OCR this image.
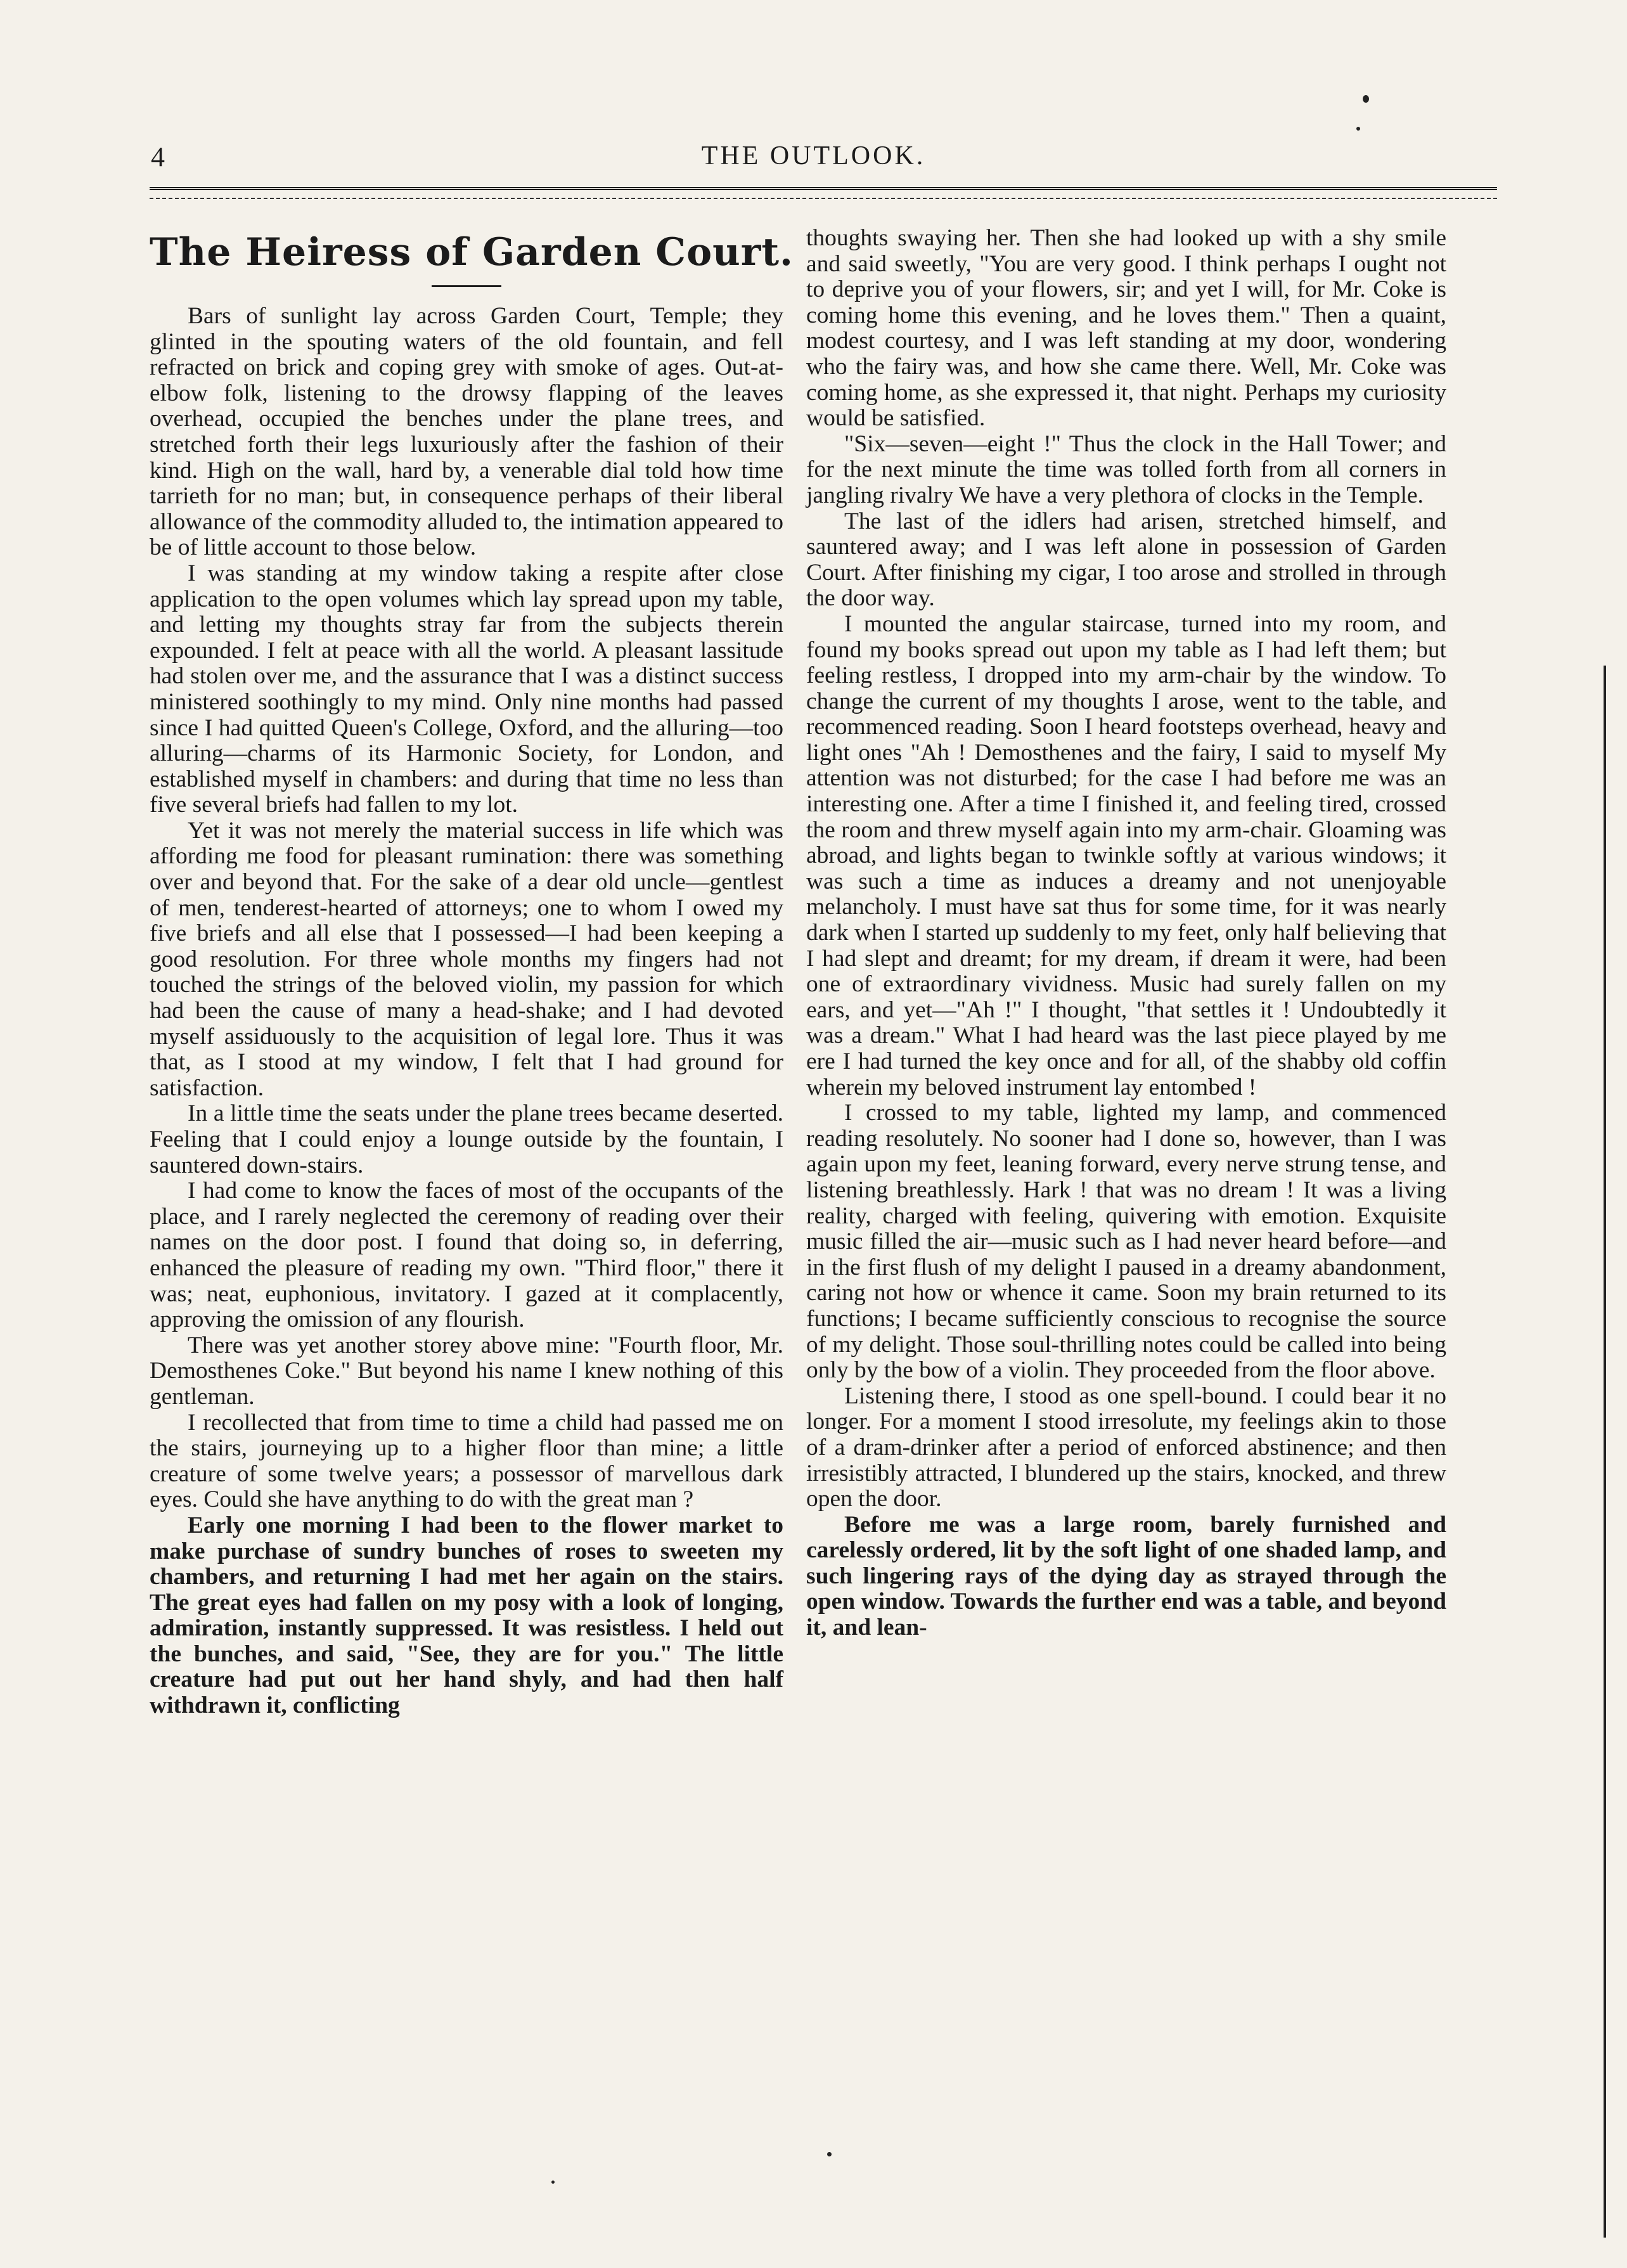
4	THE OUTLOOK.
The Heiress of Garden Court.

Bars of sunlight lay across Garden Court, Temple; they glinted in the spouting waters of the old fountain, and fell refracted on brick and coping grey with smoke of ages. Out-at-elbow folk, listening to the drowsy flapping of the leaves overhead, occupied the benches under the plane trees, and stretched forth their legs luxuriously after the fashion of their kind. High on the wall, hard by, a venerable dial told how time tarrieth for no man; but, in consequence perhaps of their liberal allowance of the commodity alluded to, the intimation appeared to be of little account to those below.

I was standing at my window taking a respite after close application to the open volumes which lay spread upon my table, and letting my thoughts stray far from the subjects therein expounded. I felt at peace with all the world. A pleasant lassitude had stolen over me, and the assurance that I was a distinct success ministered soothingly to my mind. Only nine months had passed since I had quitted Queen's College, Oxford, and the alluring—too alluring—charms of its Harmonic Society, for London, and established myself in chambers: and during that time no less than five several briefs had fallen to my lot.

Yet it was not merely the material success in life which was affording me food for pleasant rumination: there was something over and beyond that. For the sake of a dear old uncle—gentlest of men, tenderest-hearted of attorneys; one to whom I owed my five briefs and all else that I possessed—I had been keeping a good resolution. For three whole months my fingers had not touched the strings of the beloved violin, my passion for which had been the cause of many a head-shake; and I had devoted myself assiduously to the acquisition of legal lore. Thus it was that, as I stood at my window, I felt that I had ground for satisfaction.

In a little time the seats under the plane trees became deserted. Feeling that I could enjoy a lounge outside by the fountain, I sauntered down-stairs.

I had come to know the faces of most of the occupants of the place, and I rarely neglected the ceremony of reading over their names on the door post. I found that doing so, in deferring, enhanced the pleasure of reading my own. "Third floor," there it was; neat, euphonious, invitatory. I gazed at it complacently, approving the omission of any flourish.

There was yet another storey above mine: "Fourth floor, Mr. Demosthenes Coke." But beyond his name I knew nothing of this gentleman.

I recollected that from time to time a child had passed me on the stairs, journeying up to a higher floor than mine; a little creature of some twelve years; a possessor of marvellous dark eyes. Could she have anything to do with the great man ?

Early one morning I had been to the flower market to make purchase of sundry bunches of roses to sweeten my chambers, and returning I had met her again on the stairs. The great eyes had fallen on my posy with a look of longing, admiration, instantly suppressed. It was resistless. I held out the bunches, and said, "See, they are for you." The little creature had put out her hand shyly, and had then half withdrawn it, conflicting

thoughts swaying her. Then she had looked up with a shy smile and said sweetly, "You are very good. I think perhaps I ought not to deprive you of your flowers, sir; and yet I will, for Mr. Coke is coming home this evening, and he loves them." Then a quaint, modest courtesy, and I was left standing at my door, wondering who the fairy was, and how she came there. Well, Mr. Coke was coming home, as she expressed it, that night. Perhaps my curiosity would be satisfied.

"Six—seven—eight !" Thus the clock in the Hall Tower; and for the next minute the time was tolled forth from all corners in jangling rivalry We have a very plethora of clocks in the Temple.

The last of the idlers had arisen, stretched himself, and sauntered away; and I was left alone in possession of Garden Court. After finishing my cigar, I too arose and strolled in through the door way.

I mounted the angular staircase, turned into my room, and found my books spread out upon my table as I had left them; but feeling restless, I dropped into my arm-chair by the window. To change the current of my thoughts I arose, went to the table, and recommenced reading. Soon I heard footsteps overhead, heavy and light ones "Ah ! Demosthenes and the fairy, I said to myself My attention was not disturbed; for the case I had before me was an interesting one. After a time I finished it, and feeling tired, crossed the room and threw myself again into my arm-chair. Gloaming was abroad, and lights began to twinkle softly at various windows; it was such a time as induces a dreamy and not unenjoyable melancholy. I must have sat thus for some time, for it was nearly dark when I started up suddenly to my feet, only half believing that I had slept and dreamt; for my dream, if dream it were, had been one of extraordinary vividness. Music had surely fallen on my ears, and yet—"Ah !" I thought, "that settles it ! Undoubtedly it was a dream." What I had heard was the last piece played by me ere I had turned the key once and for all, of the shabby old coffin wherein my beloved instrument lay entombed !

I crossed to my table, lighted my lamp, and commenced reading resolutely. No sooner had I done so, however, than I was again upon my feet, leaning forward, every nerve strung tense, and listening breathlessly. Hark ! that was no dream ! It was a living reality, charged with feeling, quivering with emotion. Exquisite music filled the air—music such as I had never heard before—and in the first flush of my delight I paused in a dreamy abandonment, caring not how or whence it came. Soon my brain returned to its functions; I became sufficiently conscious to recognise the source of my delight. Those soul-thrilling notes could be called into being only by the bow of a violin. They proceeded from the floor above.

Listening there, I stood as one spell-bound. I could bear it no longer. For a moment I stood irresolute, my feelings akin to those of a dram-drinker after a period of enforced abstinence; and then irresistibly attracted, I blundered up the stairs, knocked, and threw open the door.

Before me was a large room, barely furnished and carelessly ordered, lit by the soft light of one shaded lamp, and such lingering rays of the dying day as strayed through the open window. Towards the further end was a table, and beyond it, and lean-
